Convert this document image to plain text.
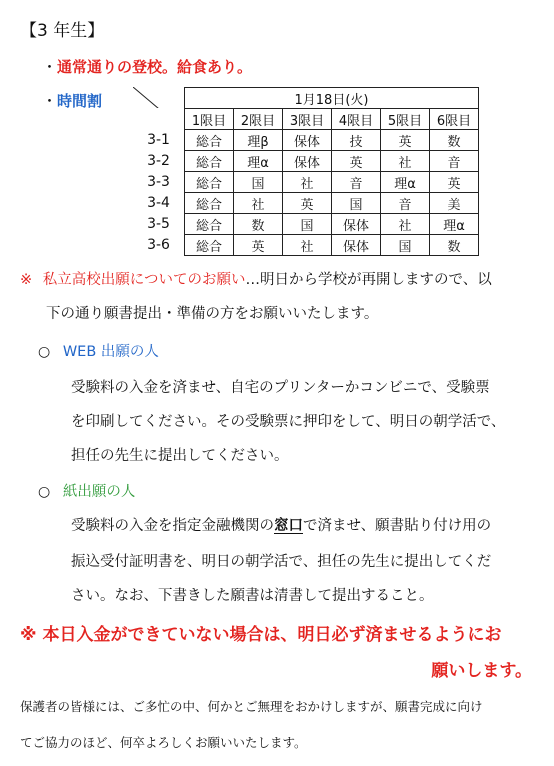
【3 年生】
・ 通常通りの登校。給食あり。
・ 時間割
		1月18日(火)					

	1限目	2限目	3限目	4限目	5限目	6限目
3-1	総合	理β	保体	技	英	数
3-2	総合	理α	保体	英	社	音
3-3	総合	国	社	音	理α	英
3-4	総合	社	英	国	音	美
3-5	総合	数	国	保体	社	理α
3-6	総合	英	社	保体	国	数
※ 私立高校出願についてのお願い…明日から学校が再開しますので、以
下の通り願書提出・準備の方をお願いいたします。
○ WEB 出願の人
受験料の入金を済ませ、自宅のプリンターかコンビニで、受験票
を印刷してください。その受験票に押印をして、明日の朝学活で、
担任の先生に提出してください。
○ 紙出願の人
受験料の入金を指定金融機関の窓口で済ませ、願書貼り付け用の
振込受付証明書を、明日の朝学活で、担任の先生に提出してくだ
さい。なお、下書きした願書は清書して提出すること。
※ 本日入金ができていない場合は、明日必ず済ませるようにお
願いします。
保護者の皆様には、ご多忙の中、何かとご無理をおかけしますが、願書完成に向け
てご協力のほど、何卒よろしくお願いいたします。
